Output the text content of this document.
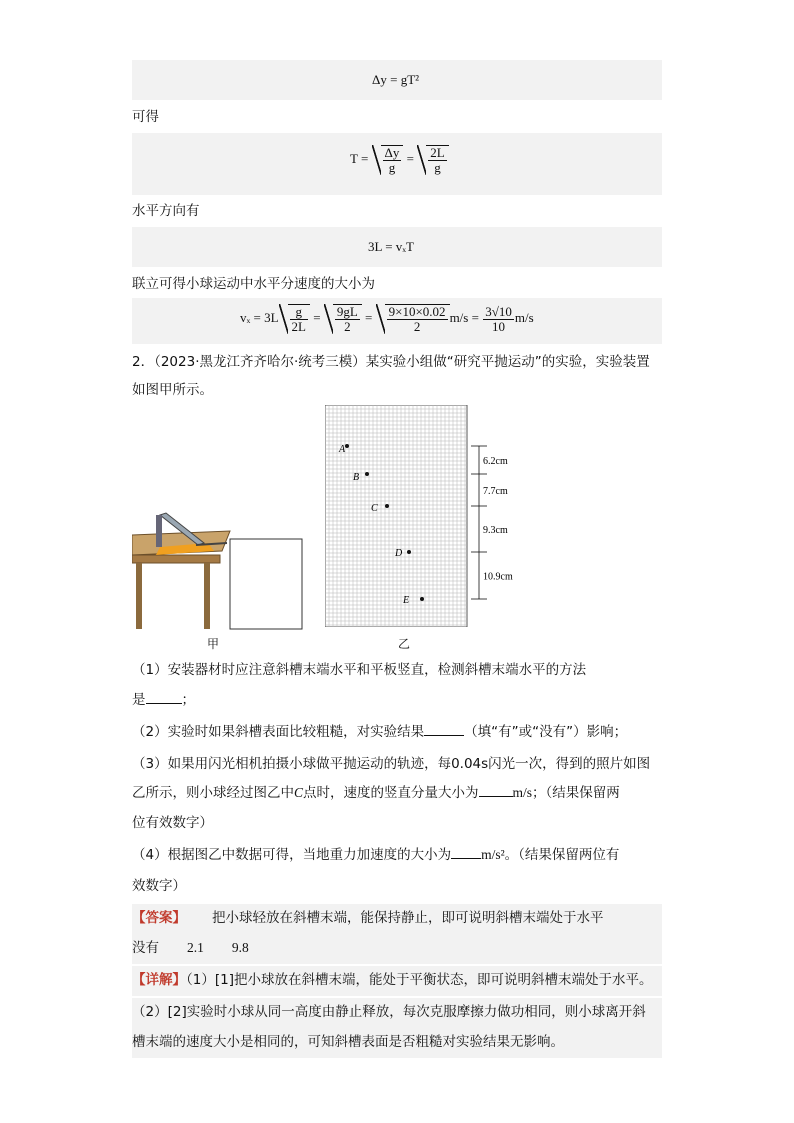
Δy = gT²
可得
$T = \frac{\Delta y}{g} = \frac{2L}{g}$
水平方向有
3L = vₓT
联立可得小球运动中水平分速度的大小为
$v_x = 3L \frac{g}{2L} = \frac{9gL}{2} = \frac{9\times 10\times 0.02}{2} m/s = \frac{3√10}{10} m/s$
2．（2023·黑龙江齐齐哈尔·统考三模）某实验小组做“研究平抛运动”的实验，实验装置
如图甲所示。
甲
A
B
C
D
E
6.2cm
7.7cm
9.3cm
10.9cm
乙
（1）安装器材时应注意斜槽末端水平和平板竖直，检测斜槽末端水平的方法
是	；
（2）实验时如果斜槽表面比较粗糙，对实验结果	（填“有”或“没有”）影响；
（3）如果用闪光相机拍摄小球做平抛运动的轨迹，每0.04s闪光一次，得到的照片如图
乙所示，则小球经过图乙中C点时，速度的竖直分量大小为	m/s；（结果保留两
位有效数字）
（4）根据图乙中数据可得，当地重力加速度的大小为 m/s²。（结果保留两位有
效数字）
【答案】 把小球轻放在斜槽末端，能保持静止，即可说明斜槽末端处于水平
没有 2.1 9.8
【详解】（1）[1]把小球放在斜槽末端，能处于平衡状态，即可说明斜槽末端处于水平。
（2）[2]实验时小球从同一高度由静止释放，每次克服摩擦力做功相同，则小球离开斜
槽末端的速度大小是相同的，可知斜槽表面是否粗糙对实验结果无影响。
